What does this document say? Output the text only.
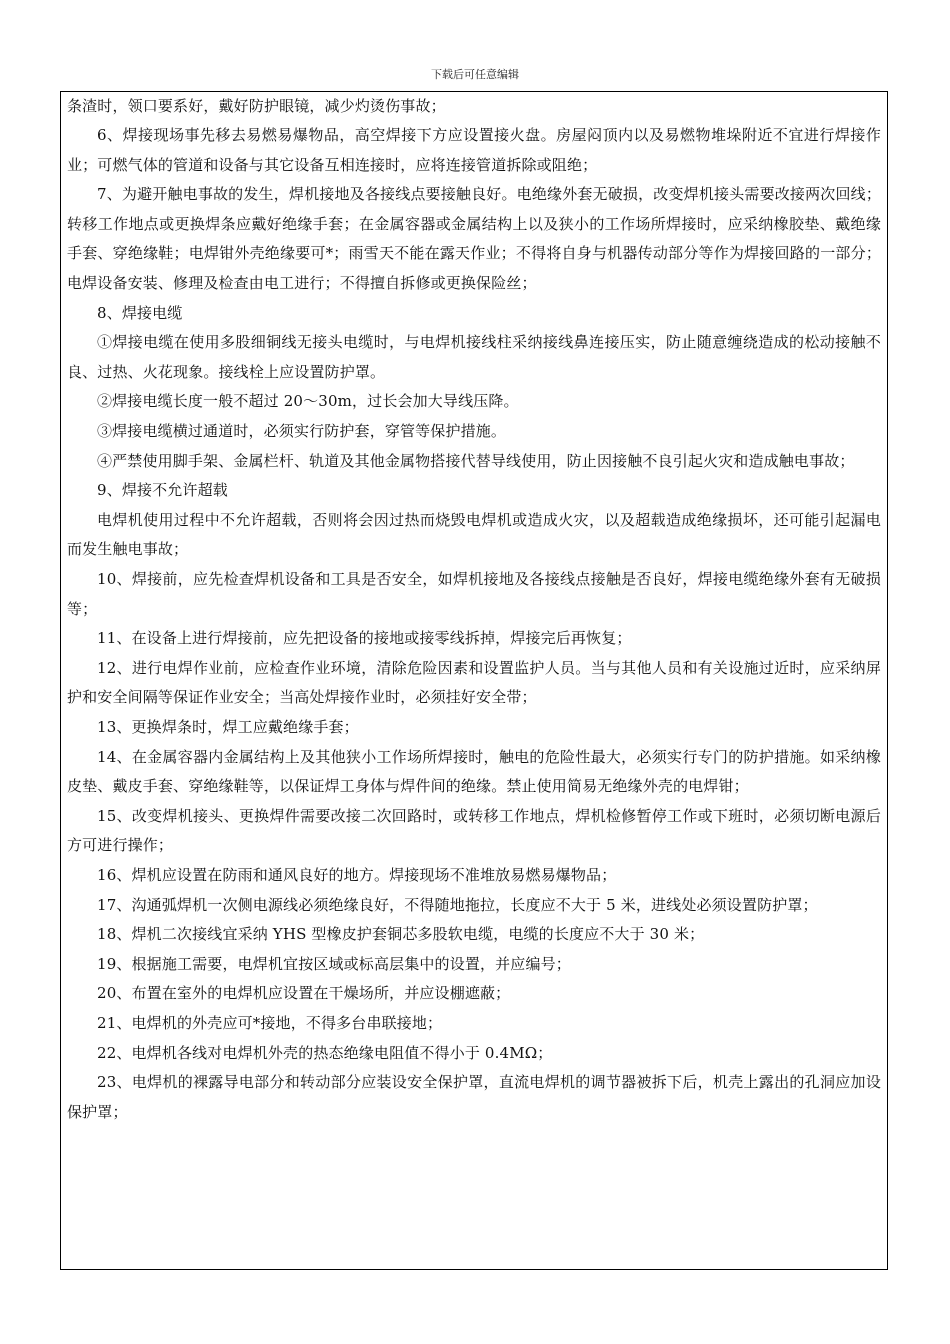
下载后可任意编辑

条渣时，领口要系好，戴好防护眼镜，减少灼烫伤事故；

6、焊接现场事先移去易燃易爆物品，高空焊接下方应设置接火盘。房屋闷顶内以及易燃物堆垛附近不宜进行焊接作业；可燃气体的管道和设备与其它设备互相连接时，应将连接管道拆除或阻绝；

7、为避开触电事故的发生，焊机接地及各接线点要接触良好。电绝缘外套无破损，改变焊机接头需要改接两次回线；转移工作地点或更换焊条应戴好绝缘手套；在金属容器或金属结构上以及狭小的工作场所焊接时，应采纳橡胶垫、戴绝缘手套、穿绝缘鞋；电焊钳外壳绝缘要可*；雨雪天不能在露天作业；不得将自身与机器传动部分等作为焊接回路的一部分；电焊设备安装、修理及检查由电工进行；不得擅自拆修或更换保险丝；

8、焊接电缆

①焊接电缆在使用多股细铜线无接头电缆时，与电焊机接线柱采纳接线鼻连接压实，防止随意缠绕造成的松动接触不良、过热、火花现象。接线栓上应设置防护罩。

②焊接电缆长度一般不超过 20～30m，过长会加大导线压降。

③焊接电缆横过通道时，必须实行防护套，穿管等保护措施。

④严禁使用脚手架、金属栏杆、轨道及其他金属物搭接代替导线使用，防止因接触不良引起火灾和造成触电事故；

9、焊接不允许超载

电焊机使用过程中不允许超载，否则将会因过热而烧毁电焊机或造成火灾，以及超载造成绝缘损坏，还可能引起漏电而发生触电事故；

10、焊接前，应先检查焊机设备和工具是否安全，如焊机接地及各接线点接触是否良好，焊接电缆绝缘外套有无破损等；

11、在设备上进行焊接前，应先把设备的接地或接零线拆掉，焊接完后再恢复；

12、进行电焊作业前，应检查作业环境，清除危险因素和设置监护人员。当与其他人员和有关设施过近时，应采纳屏护和安全间隔等保证作业安全；当高处焊接作业时，必须挂好安全带；

13、更换焊条时，焊工应戴绝缘手套；

14、在金属容器内金属结构上及其他狭小工作场所焊接时，触电的危险性最大，必须实行专门的防护措施。如采纳橡皮垫、戴皮手套、穿绝缘鞋等，以保证焊工身体与焊件间的绝缘。禁止使用简易无绝缘外壳的电焊钳；

15、改变焊机接头、更换焊件需要改接二次回路时，或转移工作地点，焊机检修暂停工作或下班时，必须切断电源后方可进行操作；

16、焊机应设置在防雨和通风良好的地方。焊接现场不准堆放易燃易爆物品；

17、沟通弧焊机一次侧电源线必须绝缘良好，不得随地拖拉，长度应不大于 5 米，进线处必须设置防护罩；

18、焊机二次接线宜采纳 YHS 型橡皮护套铜芯多股软电缆，电缆的长度应不大于 30 米；

19、根据施工需要，电焊机宜按区域或标高层集中的设置，并应编号；

20、布置在室外的电焊机应设置在干燥场所，并应设棚遮蔽；

21、电焊机的外壳应可*接地，不得多台串联接地；

22、电焊机各线对电焊机外壳的热态绝缘电阻值不得小于 0.4MΩ；

23、电焊机的裸露导电部分和转动部分应装设安全保护罩，直流电焊机的调节器被拆下后，机壳上露出的孔洞应加设保护罩；
